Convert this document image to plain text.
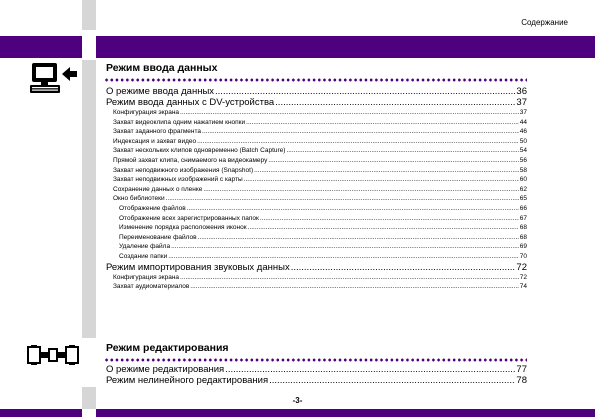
Содержание
Режим ввода данных
О режиме ввода данных .....	36
Режим ввода данных с DV-устройства .....	37
Конфигурация экрана .....	37
Захват видеоклипа одним нажатием кнопки .....	44
Захват заданного фрагмента .....	46
Индексация и захват видео .....	50
Захват нескольких клипов одновременно (Batch Capture) .....	54
Прямой захват клипа, снимаемого на видеокамеру .....	56
Захват неподвижного изображения (Snapshot) .....	58
Захват неподвижных изображений с карты .....	60
Сохранение данных о пленке .....	62
Окно библиотеки .....	65
Отображение файлов .....	66
Отображение всех зарегистрированных папок .....	67
Изменение порядка расположения иконок .....	68
Переименование файлов .....	68
Удаление файла .....	69
Создание папки .....	70
Режим импортирования звуковых данных .....	72
Конфигурация экрана .....	72
Захват аудиоматериалов .....	74
Режим редактирования
О режиме редактирования .....	77
Режим нелинейного редактирования .....	78
-3-
